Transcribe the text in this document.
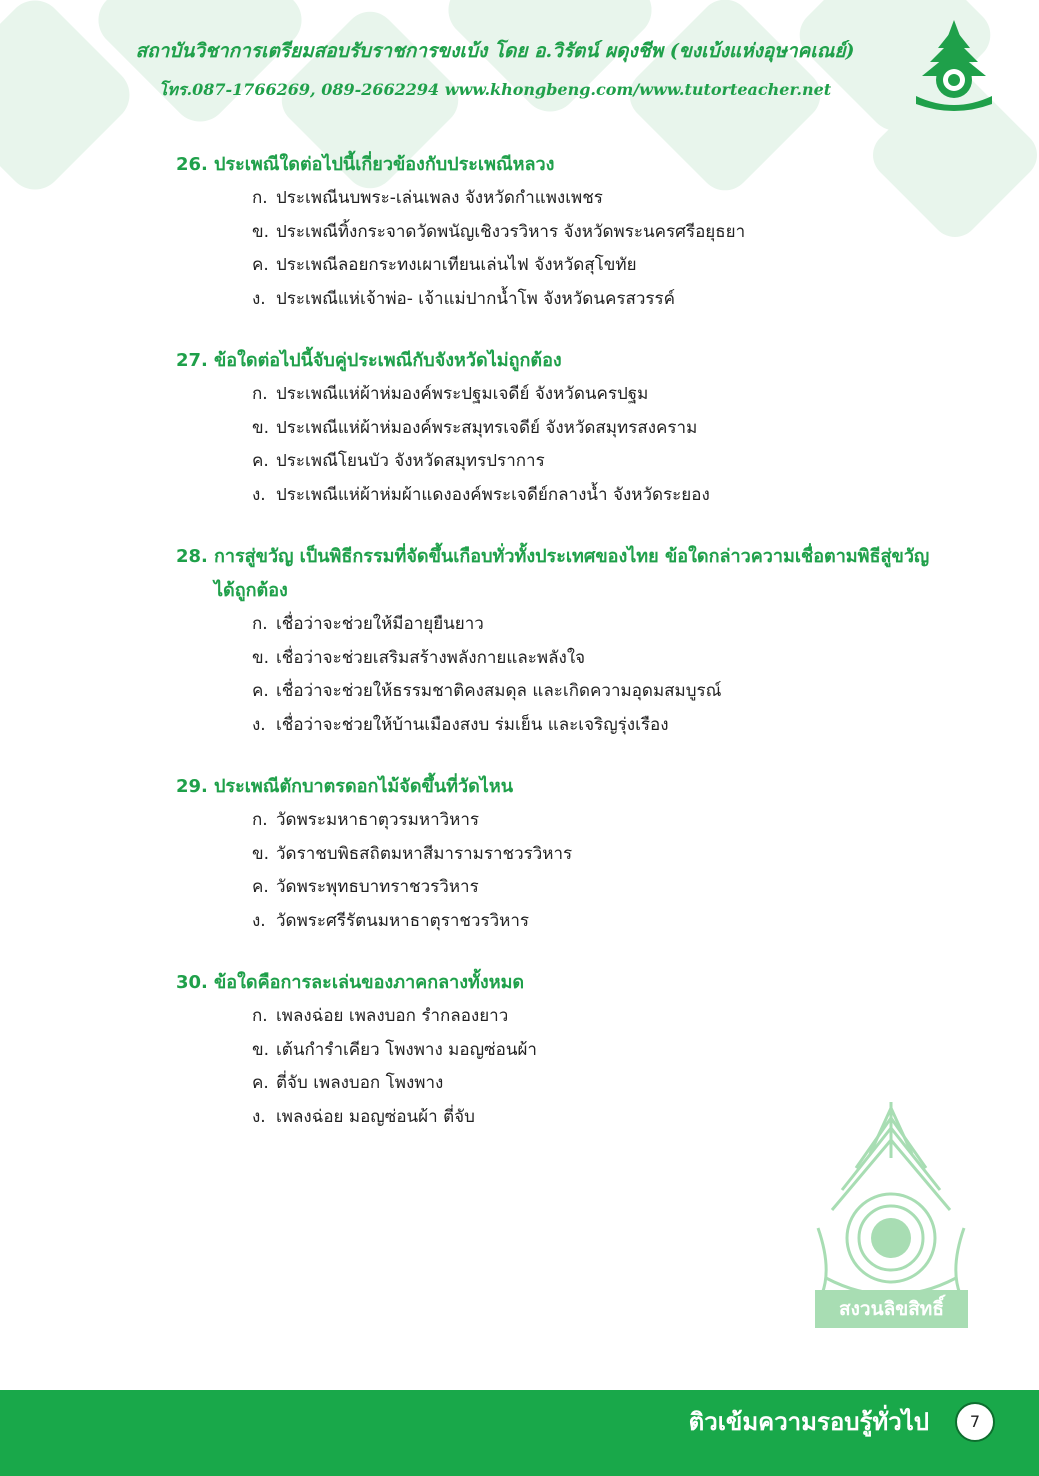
สถาบันวิชาการเตรียมสอบรับราชการขงเบ้ง โดย อ.วิรัตน์ ผดุงชีพ (ขงเบ้งแห่งอุษาคเณย์)
โทร.087-1766269, 089-2662294 www.khongbeng.com/www.tutorteacher.net
26. ประเพณีใดต่อไปนี้เกี่ยวข้องกับประเพณีหลวง
ก. ประเพณีนบพระ-เล่นเพลง จังหวัดกำแพงเพชร
ข. ประเพณีทิ้งกระจาดวัดพนัญเชิงวรวิหาร จังหวัดพระนครศรีอยุธยา
ค. ประเพณีลอยกระทงเผาเทียนเล่นไฟ จังหวัดสุโขทัย
ง. ประเพณีแห่เจ้าพ่อ- เจ้าแม่ปากน้ำโพ จังหวัดนครสวรรค์
27. ข้อใดต่อไปนี้จับคู่ประเพณีกับจังหวัดไม่ถูกต้อง
ก. ประเพณีแห่ผ้าห่มองค์พระปฐมเจดีย์ จังหวัดนครปฐม
ข. ประเพณีแห่ผ้าห่มองค์พระสมุทรเจดีย์ จังหวัดสมุทรสงคราม
ค. ประเพณีโยนบัว จังหวัดสมุทรปราการ
ง. ประเพณีแห่ผ้าห่มผ้าแดงองค์พระเจดีย์กลางน้ำ จังหวัดระยอง
28. การสู่ขวัญ เป็นพิธีกรรมที่จัดขึ้นเกือบทั่วทั้งประเทศของไทย ข้อใดกล่าวความเชื่อตามพิธีสู่ขวัญได้ถูกต้อง
ก. เชื่อว่าจะช่วยให้มีอายุยืนยาว
ข. เชื่อว่าจะช่วยเสริมสร้างพลังกายและพลังใจ
ค. เชื่อว่าจะช่วยให้ธรรมชาติคงสมดุล และเกิดความอุดมสมบูรณ์
ง. เชื่อว่าจะช่วยให้บ้านเมืองสงบ ร่มเย็น และเจริญรุ่งเรือง
29. ประเพณีตักบาตรดอกไม้จัดขึ้นที่วัดไหน
ก. วัดพระมหาธาตุวรมหาวิหาร
ข. วัดราชบพิธสถิตมหาสีมารามราชวรวิหาร
ค. วัดพระพุทธบาทราชวรวิหาร
ง. วัดพระศรีรัตนมหาธาตุราชวรวิหาร
30. ข้อใดคือการละเล่นของภาคกลางทั้งหมด
ก. เพลงฉ่อย เพลงบอก รำกลองยาว
ข. เต้นกำรำเคียว โพงพาง มอญซ่อนผ้า
ค. ตี่จับ เพลงบอก โพงพาง
ง. เพลงฉ่อย มอญซ่อนผ้า ตี่จับ
สงวนลิขสิทธิ์
ติวเข้มความรอบรู้ทั่วไป	7
